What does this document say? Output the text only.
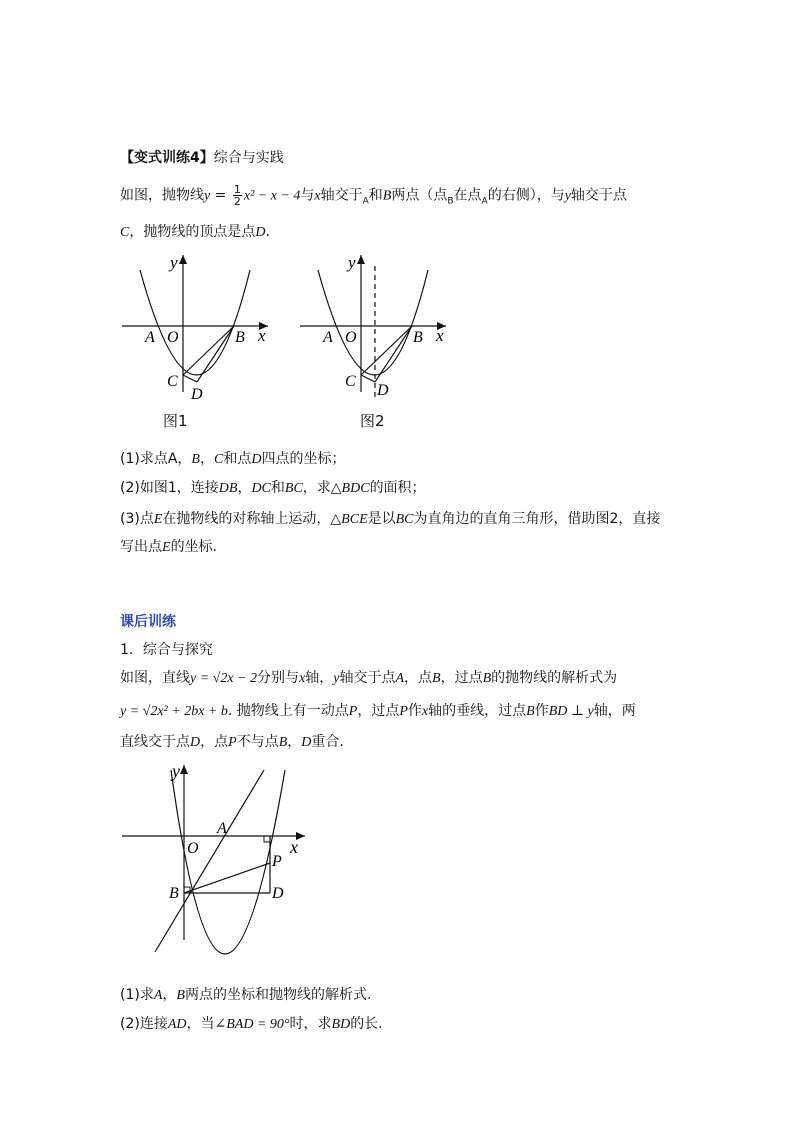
【变式训练4】综合与实践
如图，抛物线$y = \frac{1}{2} x^2 - x - 4$与x轴交于$_A$和B两点（点$_B$在点$_A$的右侧），与y轴交于点
C，抛物线的顶点是点D.
y
x
O
A	B
C
D
图1
y
x
O
A	B
C
D
图2
(1)求点A，B，C和点D四点的坐标；
(2)如图1，连接DB，DC和BC，求△BDC的面积；
(3)点E在抛物线的对称轴上运动，△BCE是以BC为直角边的直角三角形，借助图2，直接
写出点E的坐标.
课后训练
1．综合与探究
如图，直线y = √2x − 2分别与x轴，y轴交于点A，点B，过点B的抛物线的解析式为
y = √2x² + 2bx + b. 抛物线上有一动点P，过点P作x轴的垂线，过点B作BD ⊥ y轴，两
直线交于点D，点P不与点B，D重合.
y
x
O
A
B
P
D
(1)求A，B两点的坐标和抛物线的解析式.
(2)连接AD，当∠BAD = 90°时，求BD的长.
